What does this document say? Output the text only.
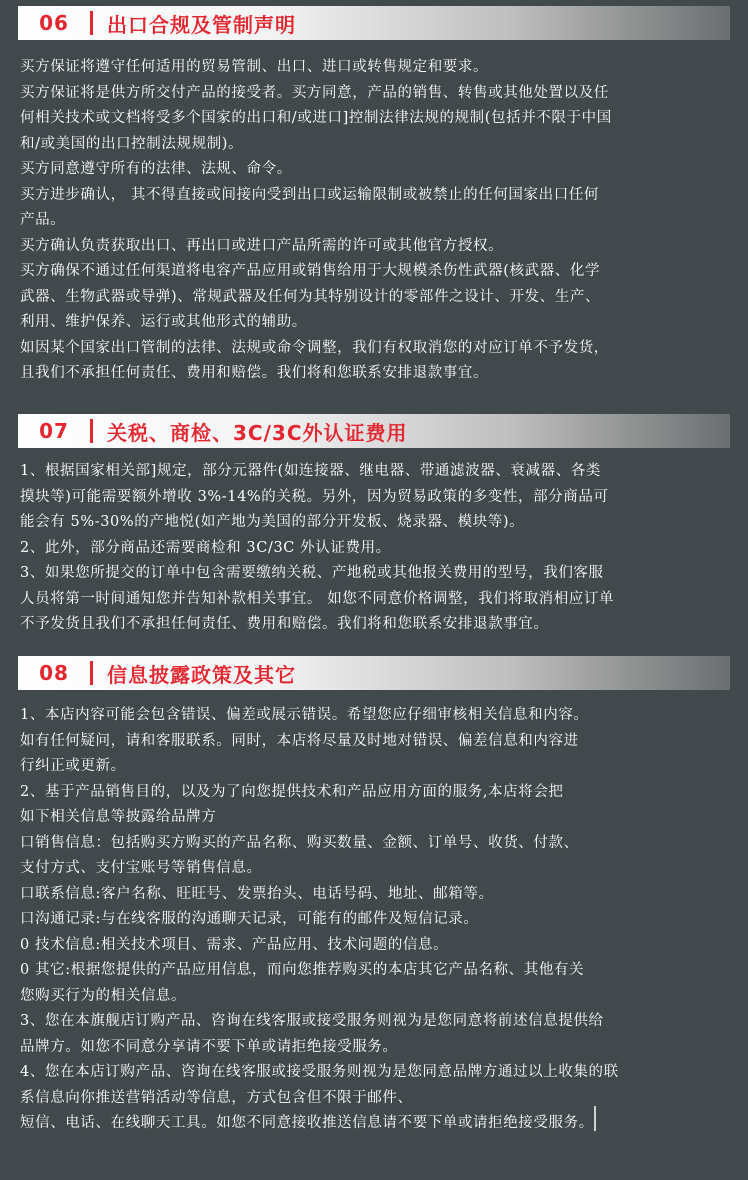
06	出口合规及管制声明
买方保证将遵守任何适用的贸易管制、出口、进口或转售规定和要求。
买方保证将是供方所交付产品的接受者。买方同意，产品的销售、转售或其他处置以及任
何相关技术或文档将受多个国家的出口和/或进口]控制法律法规的规制(包括并不限于中国
和/或美国的出口控制法规规制)。
买方同意遵守所有的法律、法规、命令。
买方进步确认， 其不得直接或间接向受到出口或运输限制或被禁止的任何国家出口任何
产品。
买方确认负责获取出口、再出口或进口产品所需的许可或其他官方授权。
买方确保不通过任何渠道将电容产品应用或销售给用于大规模杀伤性武器(核武器、化学
武器、生物武器或导弹)、常规武器及任何为其特别设计的零部件之设计、开发、生产、
利用、维护保养、运行或其他形式的辅助。
如因某个国家出口管制的法律、法规或命令调整，我们有权取消您的对应订单不予发货，
且我们不承担任何责任、费用和赔偿。我们将和您联系安排退款事宜。
07	关税、商检、3C/3C外认证费用
1、根据国家相关部]规定，部分元器件(如连接器、继电器、带通滤波器、衰减器、各类
摸块等)可能需要额外增收 3%-14%的关税。另外，因为贸易政策的多变性，部分商品可
能会有 5%-30%的产地悦(如产地为美国的部分开发板、烧录器、模块等)。
2、此外，部分商品还需要商检和 3C/3C 外认证费用。
3、如果您所提交的订单中包含需要缴纳关税、产地税或其他报关费用的型号，我们客服
人员将第一时间通知您并告知补款相关事宜。 如您不同意价格调整，我们将取消相应订单
不予发货且我们不承担任何责任、费用和赔偿。我们将和您联系安排退款事宜。
08	信息披露政策及其它
1、本店内容可能会包含错误、偏差或展示错误。希望您应仔细审核相关信息和内容。
如有任何疑问，请和客服联系。同时，本店将尽量及时地对错误、偏差信息和内容进
行纠正或更新。
2、基于产品销售目的，以及为了向您提供技术和产品应用方面的服务,本店将会把
如下相关信息等披露给品牌方
口销售信息：包括购买方购买的产品名称、购买数量、金额、订单号、收货、付款、
支付方式、支付宝账号等销售信息。
口联系信息:客户名称、旺旺号、发票抬头、电话号码、地址、邮箱等。
口沟通记录:与在线客服的沟通聊天记录，可能有的邮件及短信记录。
0 技术信息:相关技术项目、需求、产品应用、技术问题的信息。
0 其它:根据您提供的产品应用信息，而向您推荐购买的本店其它产品名称、其他有关
您购买行为的相关信息。
3、您在本旗舰店订购产品、咨询在线客服或接受服务则视为是您同意将前述信息提供给
品牌方。如您不同意分享请不要下单或请拒绝接受服务。
4、您在本店订购产品、咨询在线客服或接受服务则视为是您同意品牌方通过以上收集的联
系信息向你推送营销活动等信息，方式包含但不限于邮件、
短信、电话、在线聊天工具。如您不同意接收推送信息请不要下单或请拒绝接受服务。
